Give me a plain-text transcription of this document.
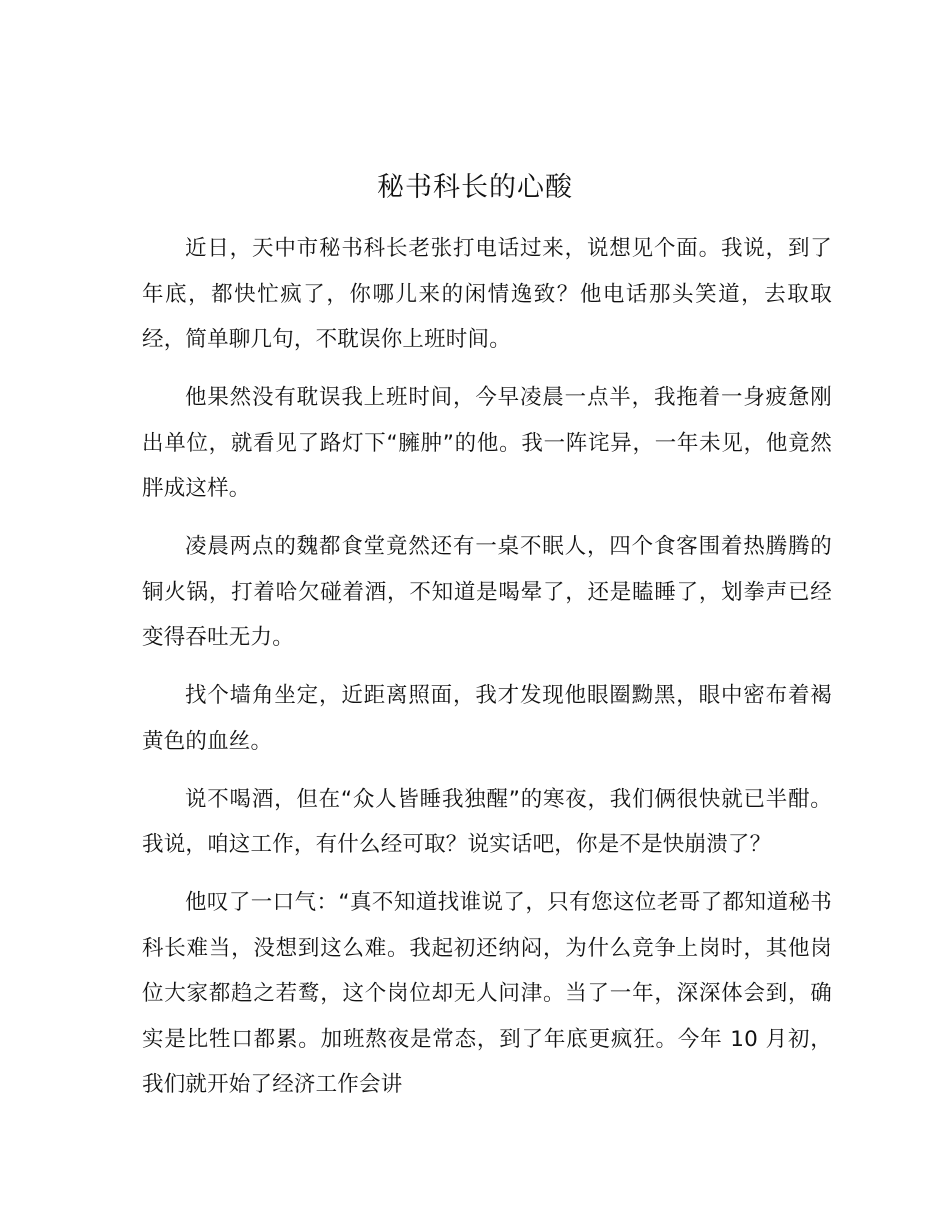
秘书科长的心酸

近日，天中市秘书科长老张打电话过来，说想见个面。我说，到了年底，都快忙疯了，你哪儿来的闲情逸致？他电话那头笑道，去取取经，简单聊几句，不耽误你上班时间。

他果然没有耽误我上班时间，今早凌晨一点半，我拖着一身疲惫刚出单位，就看见了路灯下“臃肿”的他。我一阵诧异，一年未见，他竟然胖成这样。

凌晨两点的魏都食堂竟然还有一桌不眠人，四个食客围着热腾腾的铜火锅，打着哈欠碰着酒，不知道是喝晕了，还是瞌睡了，划拳声已经变得吞吐无力。

找个墙角坐定，近距离照面，我才发现他眼圈黝黑，眼中密布着褐黄色的血丝。

说不喝酒，但在“众人皆睡我独醒”的寒夜，我们俩很快就已半酣。我说，咱这工作，有什么经可取？说实话吧，你是不是快崩溃了？

他叹了一口气：“真不知道找谁说了，只有您这位老哥了都知道秘书科长难当，没想到这么难。我起初还纳闷，为什么竞争上岗时，其他岗位大家都趋之若鹜，这个岗位却无人问津。当了一年，深深体会到，确实是比牲口都累。加班熬夜是常态，到了年底更疯狂。今年 10 月初，我们就开始了经济工作会讲
